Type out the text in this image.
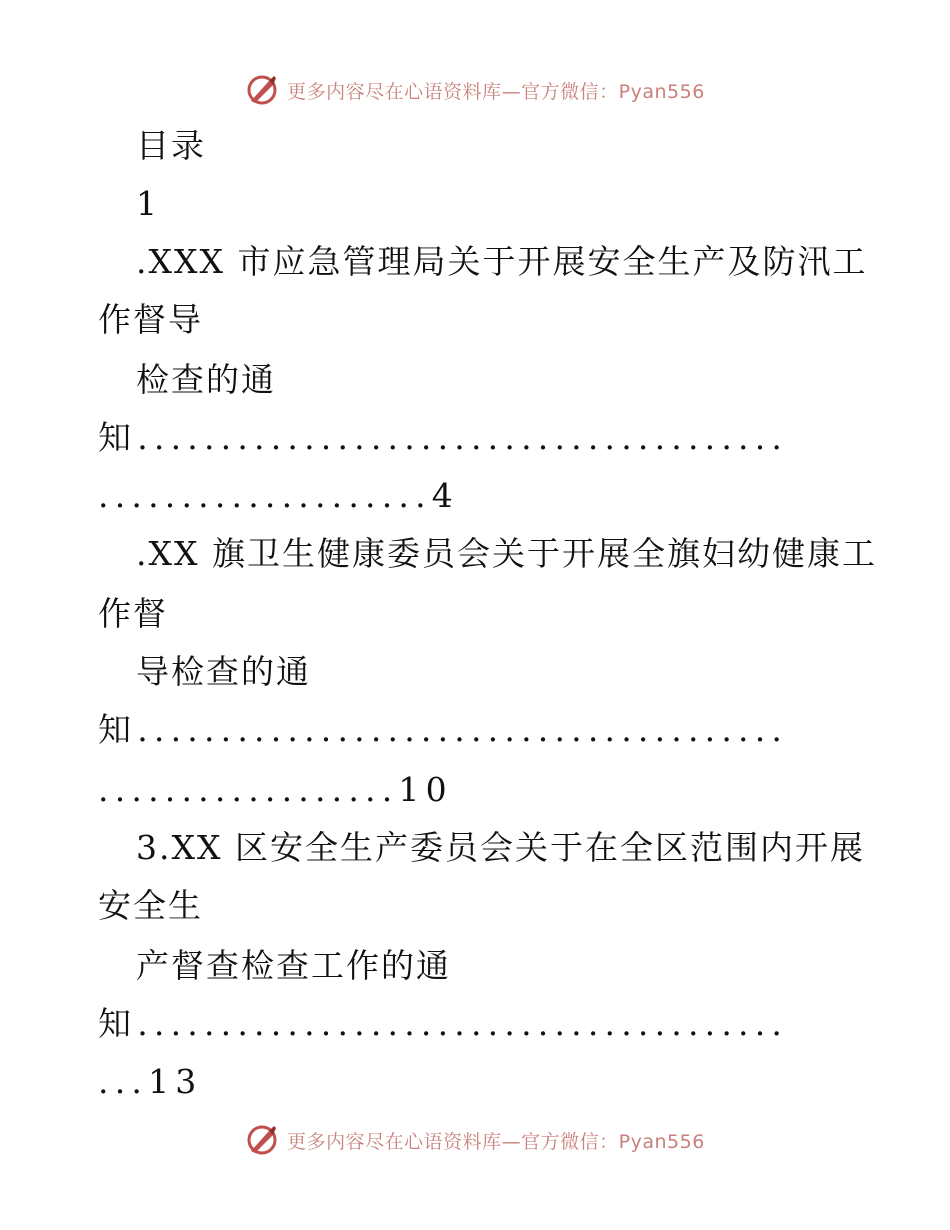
更多内容尽在心语资料库—官方微信：Pyan556
目录
1
.XXX 市应急管理局关于开展安全生产及防汛工
作督导
检查的通
知.......................................
....................4
.XX 旗卫生健康委员会关于开展全旗妇幼健康工
作督
导检查的通
知.......................................
..................10
3.XX 区安全生产委员会关于在全区范围内开展
安全生
产督查检查工作的通
知.......................................
...13
更多内容尽在心语资料库—官方微信：Pyan556
